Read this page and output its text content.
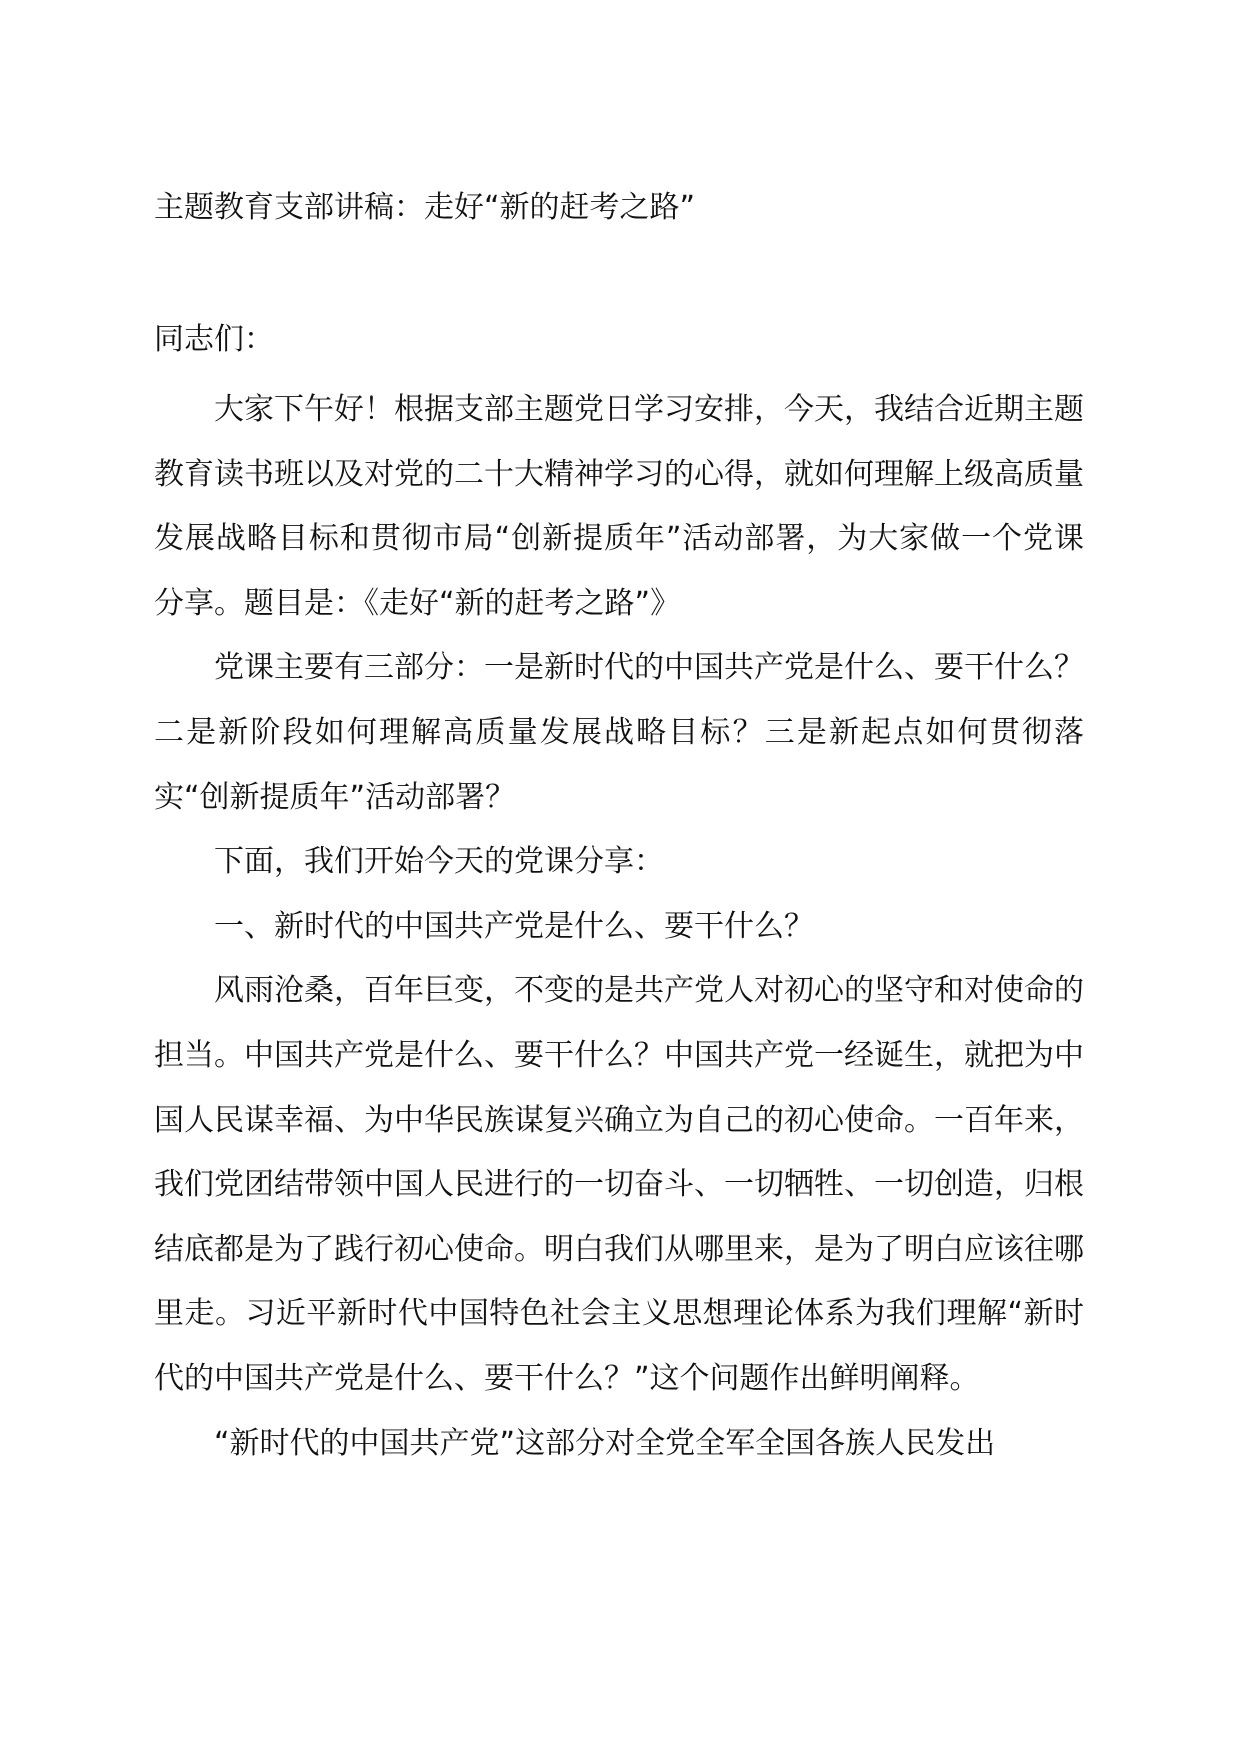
主题教育支部讲稿：走好“新的赶考之路”
同志们：

大家下午好！根据支部主题党日学习安排，今天，我结合近期主题教育读书班以及对党的二十大精神学习的心得，就如何理解上级高质量发展战略目标和贯彻市局“创新提质年”活动部署，为大家做一个党课分享。题目是：《走好“新的赶考之路”》

党课主要有三部分：一是新时代的中国共产党是什么、要干什么？二是新阶段如何理解高质量发展战略目标？三是新起点如何贯彻落实“创新提质年”活动部署？

下面，我们开始今天的党课分享：

一、新时代的中国共产党是什么、要干什么？

风雨沧桑，百年巨变，不变的是共产党人对初心的坚守和对使命的担当。中国共产党是什么、要干什么？中国共产党一经诞生，就把为中国人民谋幸福、为中华民族谋复兴确立为自己的初心使命。一百年来，我们党团结带领中国人民进行的一切奋斗、一切牺牲、一切创造，归根结底都是为了践行初心使命。明白我们从哪里来，是为了明白应该往哪里走。习近平新时代中国特色社会主义思想理论体系为我们理解“新时代的中国共产党是什么、要干什么？”这个问题作出鲜明阐释。

“新时代的中国共产党”这部分对全党全军全国各族人民发出
